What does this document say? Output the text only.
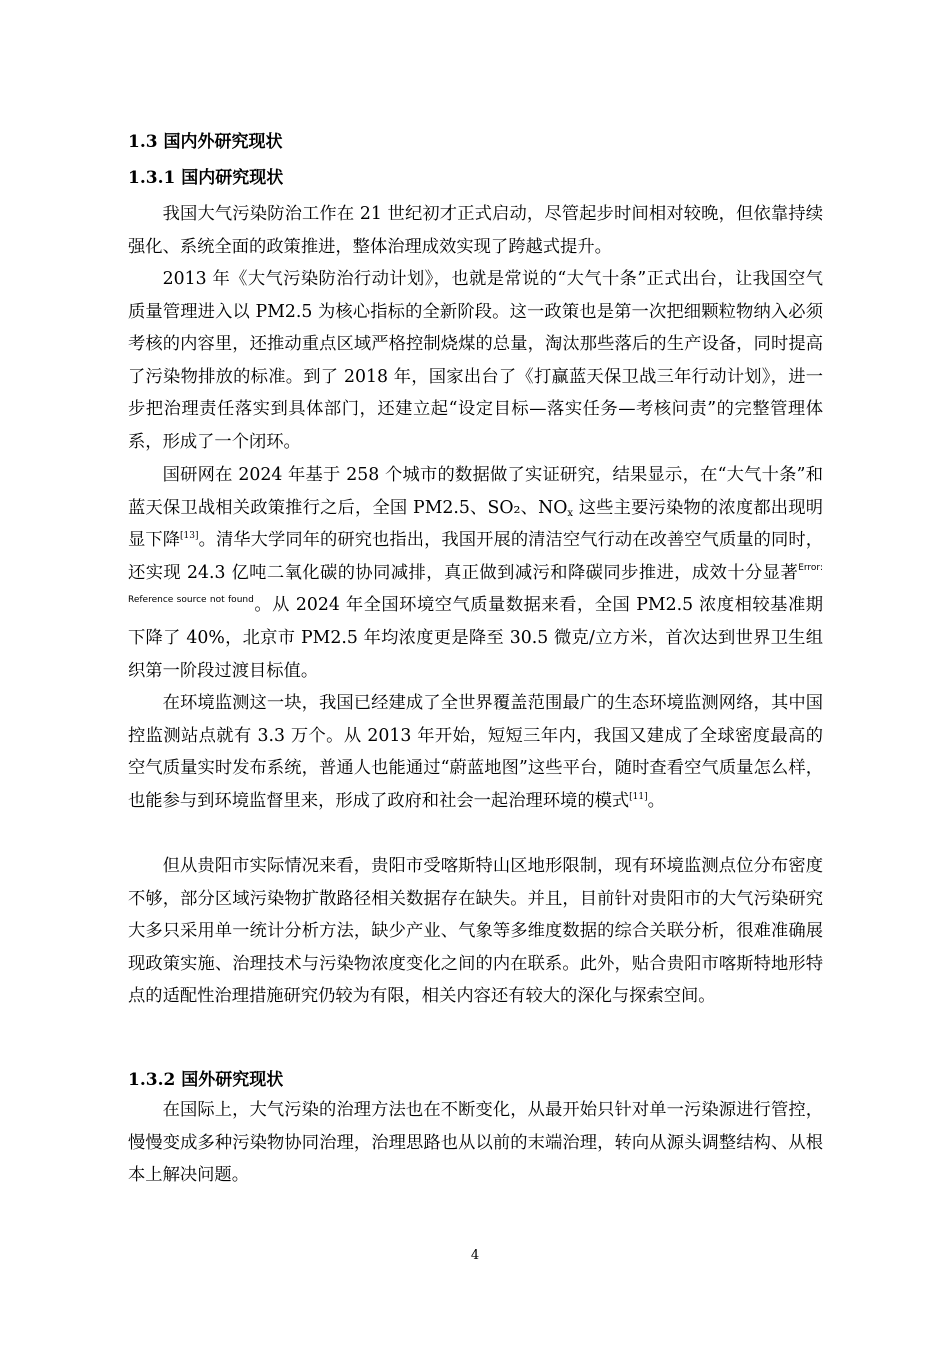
1.3 国内外研究现状
1.3.1 国内研究现状

我国大气污染防治工作在 21 世纪初才正式启动，尽管起步时间相对较晚，但依靠持续强化、系统全面的政策推进，整体治理成效实现了跨越式提升。

2013 年《大气污染防治行动计划》，也就是常说的“大气十条”正式出台，让我国空气质量管理进入以 PM2.5 为核心指标的全新阶段。这一政策也是第一次把细颗粒物纳入必须考核的内容里，还推动重点区域严格控制烧煤的总量，淘汰那些落后的生产设备，同时提高了污染物排放的标准。到了 2018 年，国家出台了《打赢蓝天保卫战三年行动计划》，进一步把治理责任落实到具体部门，还建立起“设定目标—落实任务—考核问责”的完整管理体系，形成了一个闭环。

国研网在 2024 年基于 258 个城市的数据做了实证研究，结果显示，在“大气十条”和蓝天保卫战相关政策推行之后，全国 PM2.5、SO₂、$NO_x$ 这些主要污染物的浓度都出现明显下降[13]。清华大学同年的研究也指出，我国开展的清洁空气行动在改善空气质量的同时，还实现 24.3 亿吨二氧化碳的协同减排，真正做到减污和降碳同步推进，成效十分显著$^{Error: Reference source not found}$。从 2024 年全国环境空气质量数据来看，全国 PM2.5 浓度相较基准期下降了 40%，北京市 PM2.5 年均浓度更是降至 30.5 微克/立方米，首次达到世界卫生组织第一阶段过渡目标值。

在环境监测这一块，我国已经建成了全世界覆盖范围最广的生态环境监测网络，其中国控监测站点就有 3.3 万个。从 2013 年开始，短短三年内，我国又建成了全球密度最高的空气质量实时发布系统，普通人也能通过“蔚蓝地图”这些平台，随时查看空气质量怎么样，也能参与到环境监督里来，形成了政府和社会一起治理环境的模式[11]。

但从贵阳市实际情况来看，贵阳市受喀斯特山区地形限制，现有环境监测点位分布密度不够，部分区域污染物扩散路径相关数据存在缺失。并且，目前针对贵阳市的大气污染研究大多只采用单一统计分析方法，缺少产业、气象等多维度数据的综合关联分析，很难准确展现政策实施、治理技术与污染物浓度变化之间的内在联系。此外，贴合贵阳市喀斯特地形特点的适配性治理措施研究仍较为有限，相关内容还有较大的深化与探索空间。

1.3.2 国外研究现状

在国际上，大气污染的治理方法也在不断变化，从最开始只针对单一污染源进行管控，慢慢变成多种污染物协同治理，治理思路也从以前的末端治理，转向从源头调整结构、从根本上解决问题。

4
